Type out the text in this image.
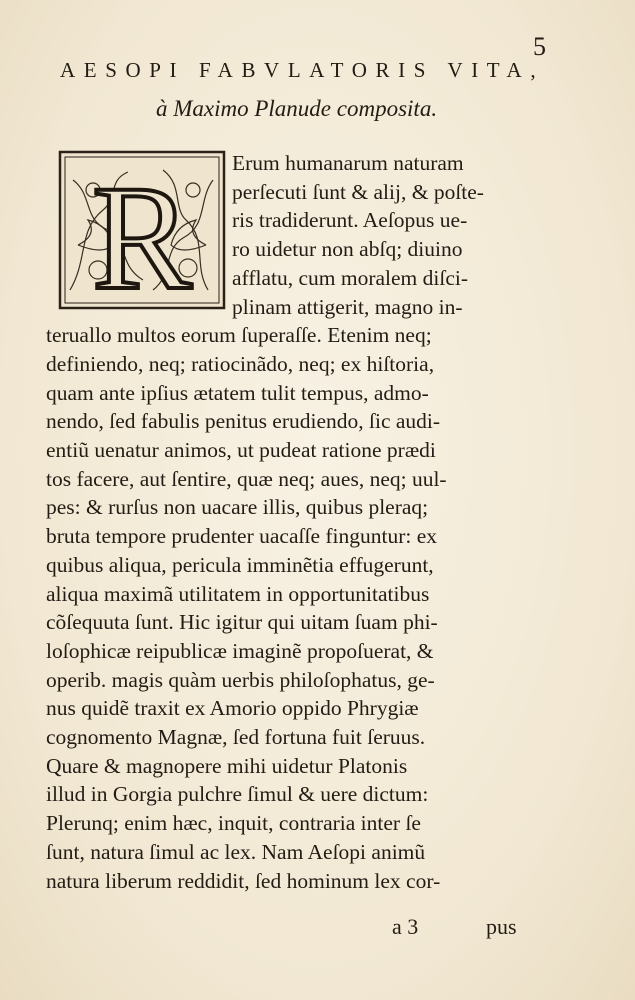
5
AESOPI FABVLATORIS VITA,
à Maximo Planude composita.
R Erum humanarum naturam
perſecuti ſunt & alij, & poſte-
ris tradiderunt. Aeſopus ue-
ro uidetur non abſq; diuino
afflatu, cum moralem diſci-
plinam attigerit, magno in-
teruallo multos eorum ſuperaſſe. Etenim neq;
definiendo, neq; ratiocinãdo, neq; ex hiſtoria,
quam ante ipſius ætatem tulit tempus, admo-
nendo, ſed fabulis penitus erudiendo, ſic audi-
entiũ uenatur animos, ut pudeat ratione prædi
tos facere, aut ſentire, quæ neq; aues, neq; uul-
pes: & rurſus non uacare illis, quibus pleraq;
bruta tempore prudenter uacaſſe finguntur: ex
quibus aliqua, pericula imminẽtia effugerunt,
aliqua maximã utilitatem in opportunitatibus
cõſequuta ſunt. Hic igitur qui uitam ſuam phi-
loſophicæ reipublicæ imaginẽ propoſuerat, &
operib. magis quàm uerbis philoſophatus, ge-
nus quidẽ traxit ex Amorio oppido Phrygiæ
cognomento Magnæ, ſed fortuna fuit ſeruus.
Quare & magnopere mihi uidetur Platonis
illud in Gorgia pulchre ſimul & uere dictum:
Plerunq; enim hæc, inquit, contraria inter ſe
ſunt, natura ſimul ac lex. Nam Aeſopi animũ
natura liberum reddidit, ſed hominum lex cor-
a 3	pus
